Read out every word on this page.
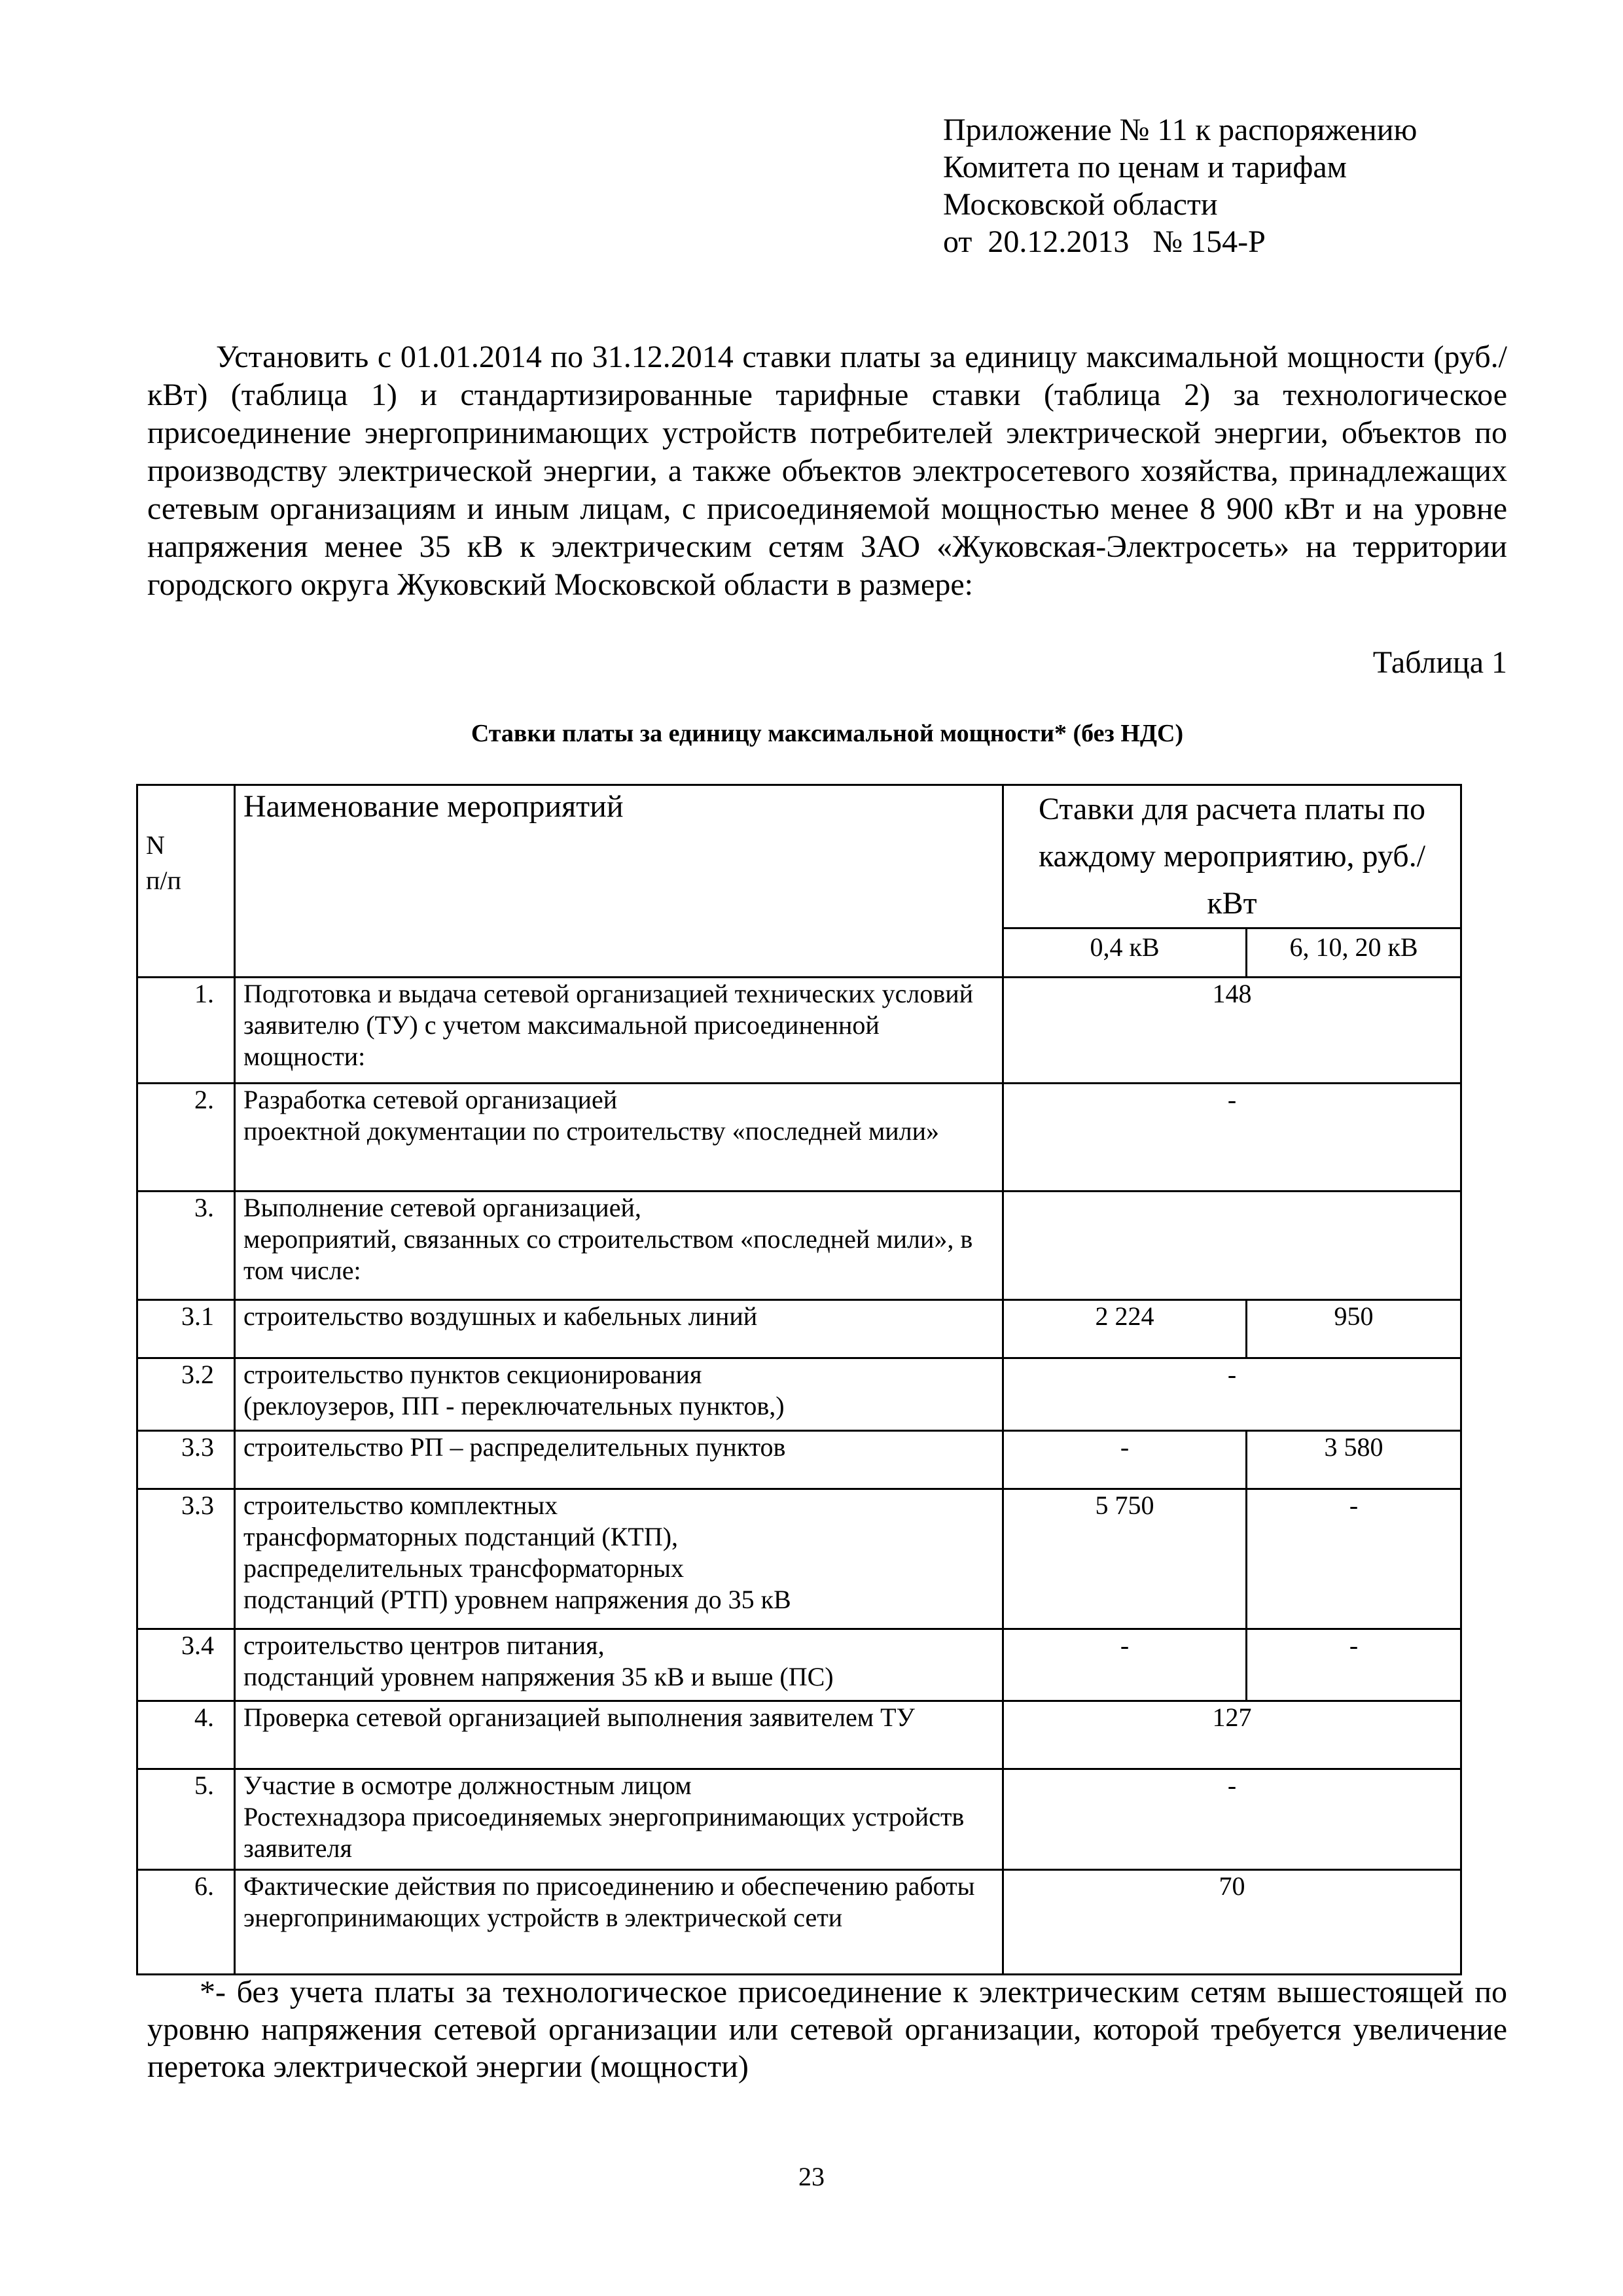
Приложение № 11 к распоряжению
Комитета по ценам и тарифам
Московской области
от  20.12.2013   № 154-Р

Установить с 01.01.2014 по 31.12.2014 ставки платы за единицу максимальной мощности (руб./кВт) (таблица 1) и стандартизированные тарифные ставки (таблица 2) за технологическое присоединение энергопринимающих устройств потребителей электрической энергии, объектов по производству электрической энергии, а также объектов электросетевого хозяйства, принадлежащих сетевым организациям и иным лицам, с присоединяемой мощностью менее 8 900 кВт и на уровне напряжения менее 35 кВ к электрическим сетям ЗАО «Жуковская-Электросеть» на территории городского округа Жуковский Московской области в размере:

Таблица 1
Ставки платы за единицу максимальной мощности* (без НДС)
N п/п	Наименование мероприятий	Ставки для расчета платы по каждому мероприятию, руб./кВт	

		0,4 кВ	6, 10, 20 кВ
1.	Подготовка и выдача сетевой организацией технических условий заявителю (ТУ) с учетом максимальной присоединенной мощности:	148	
2.	Разработка сетевой организацией
проектной документации по строительству «последней мили»	-	
3.	Выполнение сетевой организацией,
мероприятий, связанных со строительством «последней мили», в том числе:		
3.1	строительство воздушных и кабельных линий	2 224	950
3.2	строительство пунктов секционирования
(реклоузеров, ПП - переключательных пунктов,)	-	
3.3	строительство РП – распределительных пунктов	-	3 580
3.3	строительство комплектных
трансформаторных подстанций (КТП),
распределительных трансформаторных
подстанций (РТП) уровнем напряжения до 35 кВ	5 750	-
3.4	строительство центров питания,
подстанций уровнем напряжения 35 кВ и выше (ПС)	-	-
4.	Проверка сетевой организацией выполнения заявителем ТУ	127	
5.	Участие в осмотре должностным лицом
Ростехнадзора присоединяемых энергопринимающих устройств заявителя	-	
6.	Фактические действия по присоединению и обеспечению работы энергопринимающих устройств в электрической сети	70	

*- без учета платы за технологическое присоединение к электрическим сетям вышестоящей по уровню напряжения сетевой организации или сетевой организации, которой требуется увеличение перетока электрической энергии (мощности)

23
